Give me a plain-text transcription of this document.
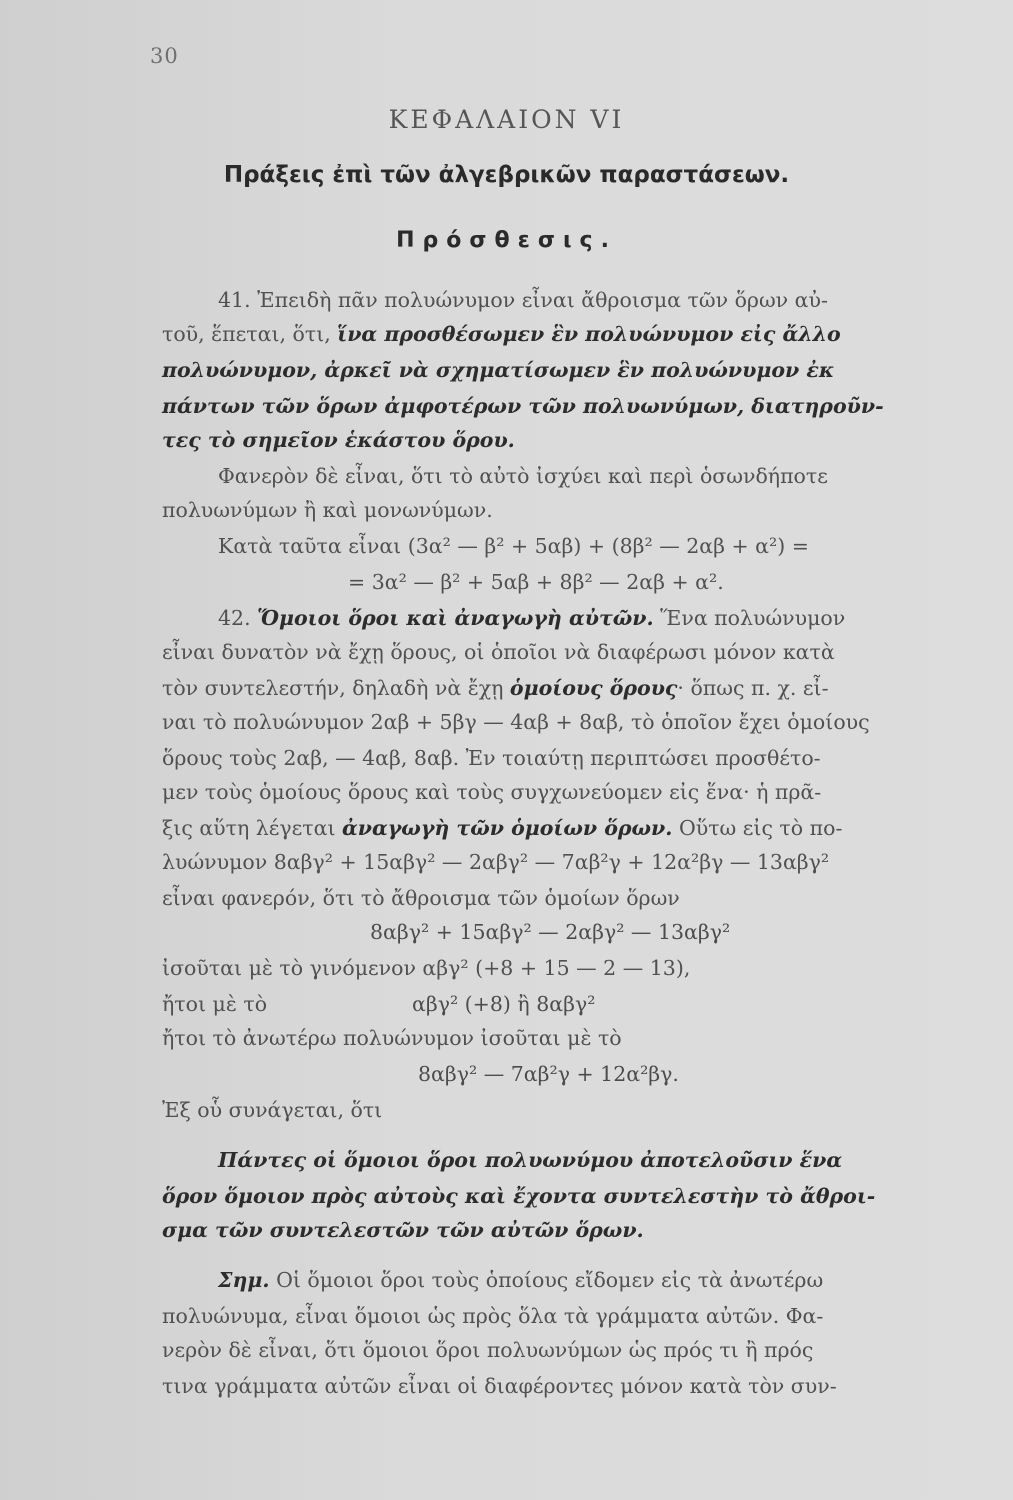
30
ΚΕΦΑΛΑΙΟΝ VI
Πράξεις ἐπὶ τῶν ἀλγεβρικῶν παραστάσεων.
Πρόσθεσις.
41. Ἐπειδὴ πᾶν πολυώνυμον εἶναι ἄθροισμα τῶν ὅρων αὐ-
τοῦ, ἕπεται, ὅτι, ἵνα προσθέσωμεν ἓν πολυώνυμον εἰς ἄλλο
πολυώνυμον, ἀρκεῖ νὰ σχηματίσωμεν ἓν πολυώνυμον ἐκ
πάντων τῶν ὅρων ἀμφοτέρων τῶν πολυωνύμων, διατηροῦν-
τες τὸ σημεῖον ἑκάστου ὅρου.
Φανερὸν δὲ εἶναι, ὅτι τὸ αὐτὸ ἰσχύει καὶ περὶ ὁσωνδήποτε
πολυωνύμων ἢ καὶ μονωνύμων.
Κατὰ ταῦτα εἶναι (3α² — β² + 5αβ) + (8β² — 2αβ + α²) =
= 3α² — β² + 5αβ + 8β² — 2αβ + α².
42. Ὅμοιοι ὅροι καὶ ἀναγωγὴ αὐτῶν. Ἕνα πολυώνυμον
εἶναι δυνατὸν νὰ ἔχῃ ὅρους, οἱ ὁποῖοι νὰ διαφέρωσι μόνον κατὰ
τὸν συντελεστήν, δηλαδὴ νὰ ἔχῃ ὁμοίους ὅρους· ὅπως π. χ. εἶ-
ναι τὸ πολυώνυμον 2αβ + 5βγ — 4αβ + 8αβ, τὸ ὁποῖον ἔχει ὁμοίους
ὅρους τοὺς 2αβ, — 4αβ, 8αβ. Ἐν τοιαύτῃ περιπτώσει προσθέτο-
μεν τοὺς ὁμοίους ὅρους καὶ τοὺς συγχωνεύομεν εἰς ἕνα· ἡ πρᾶ-
ξις αὕτη λέγεται ἀναγωγὴ τῶν ὁμοίων ὅρων. Οὕτω εἰς τὸ πο-
λυώνυμον 8αβγ² + 15αβγ² — 2αβγ² — 7αβ²γ + 12α²βγ — 13αβγ²
εἶναι φανερόν, ὅτι τὸ ἄθροισμα τῶν ὁμοίων ὅρων
8αβγ² + 15αβγ² — 2αβγ² — 13αβγ²
ἰσοῦται μὲ τὸ γινόμενον αβγ² (+8 + 15 — 2 — 13),
ἤτοι μὲ τὸ	αβγ² (+8) ἢ 8αβγ²
ἤτοι τὸ ἀνωτέρω πολυώνυμον ἰσοῦται μὲ τὸ
8αβγ² — 7αβ²γ + 12α²βγ.
Ἐξ οὗ συνάγεται, ὅτι
Πάντες οἱ ὅμοιοι ὅροι πολυωνύμου ἀποτελοῦσιν ἕνα
ὅρον ὅμοιον πρὸς αὐτοὺς καὶ ἔχοντα συντελεστὴν τὸ ἄθροι-
σμα τῶν συντελεστῶν τῶν αὐτῶν ὅρων.
Σημ. Οἱ ὅμοιοι ὅροι τοὺς ὁποίους εἴδομεν εἰς τὰ ἀνωτέρω
πολυώνυμα, εἶναι ὅμοιοι ὡς πρὸς ὅλα τὰ γράμματα αὐτῶν. Φα-
νερὸν δὲ εἶναι, ὅτι ὅμοιοι ὅροι πολυωνύμων ὡς πρός τι ἢ πρός
τινα γράμματα αὐτῶν εἶναι οἱ διαφέροντες μόνον κατὰ τὸν συν-
